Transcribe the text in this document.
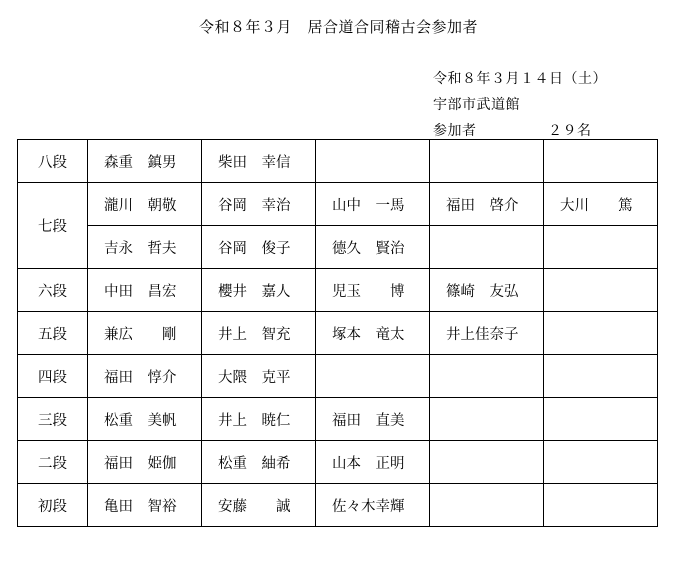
令和８年３月　居合道合同稽古会参加者
令和８年３月１４日（土）
宇部市武道館
参加者	２９名
八段	森重　鎮男	柴田　幸信			
七段	瀧川　朝敬	谷岡　幸治	山中　一馬	福田　啓介	大川　　篤
	吉永　哲夫	谷岡　俊子	德久　賢治		
六段	中田　昌宏	櫻井　嘉人	児玉　　博	篠崎　友弘	
五段	兼広　　剛	井上　智充	塚本　竜太	井上佳奈子	
四段	福田　惇介	大隈　克平			
三段	松重　美帆	井上　暁仁	福田　直美		
二段	福田　姫伽	松重　紬希	山本　正明		
初段	亀田　智裕	安藤　　誠	佐々木幸輝		
